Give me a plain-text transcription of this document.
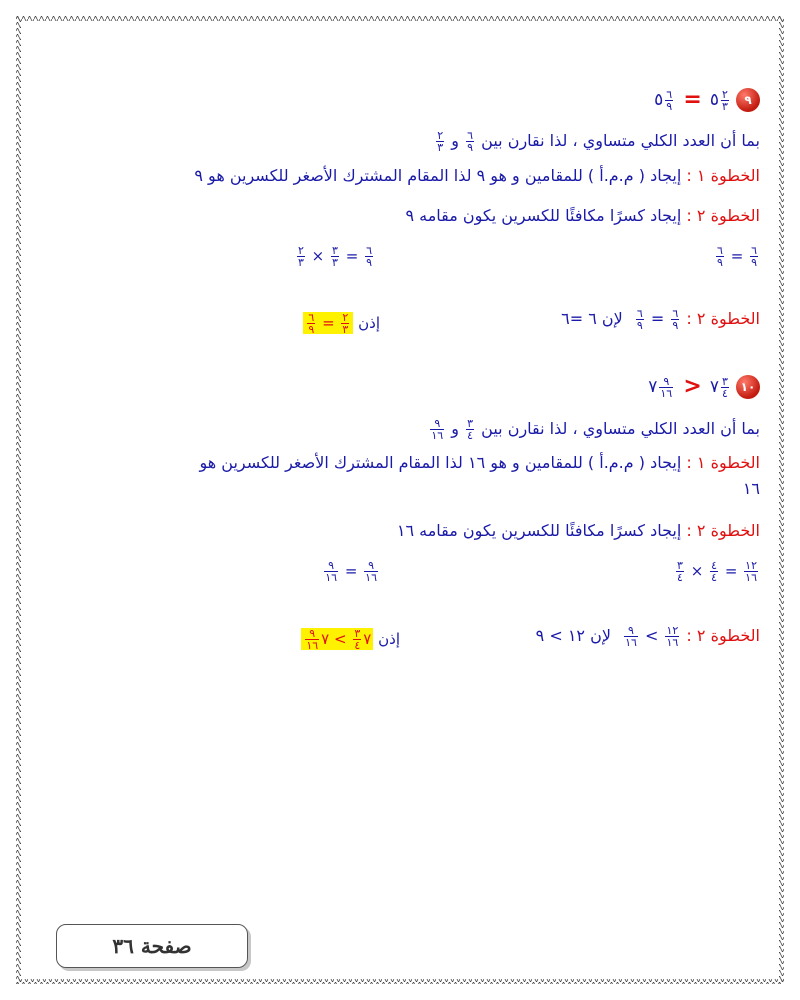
٩
$\frac{٢}{٣}$
٥ =
$\frac{٦}{٩}$
٥
بما أن العدد الكلي متساوي ، لذا نقارن بين
$\frac{٦}{٩}$
و
$\frac{٢}{٣}$
الخطوة ١ : إيجاد ( م.م.أ ) للمقامين و هو ٩ لذا المقام المشترك الأصغر للكسرين هو ٩
الخطوة ٢ : إيجاد كسرًا مكافئًا للكسرين يكون مقامه ٩
$\frac{٦}{٩}$
=
$\frac{٣}{٣}$
×
$\frac{٢}{٣}$	$\frac{٦}{٩}$
=
$\frac{٦}{٩}$
الخطوة ٢ :
$\frac{٦}{٩}$
=
$\frac{٦}{٩}$
لإن ٦ =٦
إذن
$\frac{٢}{٣}$
=
$\frac{٦}{٩}$
١٠
$\frac{٣}{٤}$
٧ <
$\frac{٩}{١٦}$
٧
بما أن العدد الكلي متساوي ، لذا نقارن بين
$\frac{٣}{٤}$
و
$\frac{٩}{١٦}$
الخطوة ١ : إيجاد ( م.م.أ ) للمقامين و هو ١٦ لذا المقام المشترك الأصغر للكسرين هو
١٦
الخطوة ٢ : إيجاد كسرًا مكافئًا للكسرين يكون مقامه ١٦
$\frac{٩}{١٦}$
=
$\frac{٩}{١٦}$	$\frac{١٢}{١٦}$
=
$\frac{٤}{٤}$
×
$\frac{٣}{٤}$
الخطوة ٢ :
$\frac{١٢}{١٦}$
>
$\frac{٩}{١٦}$
لإن ١٢ > ٩
إذن ٧
$\frac{٣}{٤}$
> ٧
$\frac{٩}{١٦}$
صفحة ٣٦
